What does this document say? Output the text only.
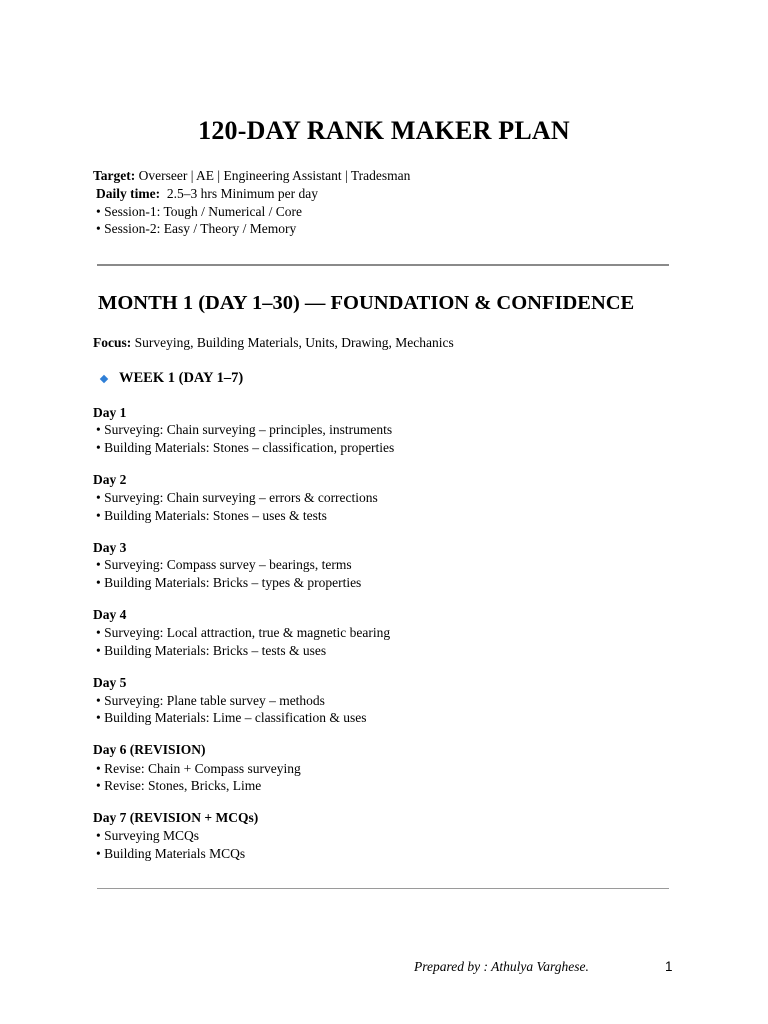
120-DAY RANK MAKER PLAN
Target: Overseer | AE | Engineering Assistant | Tradesman
Daily time:  2.5–3 hrs Minimum per day
• Session-1: Tough / Numerical / Core
• Session-2: Easy / Theory / Memory
MONTH 1 (DAY 1–30) — FOUNDATION & CONFIDENCE
Focus: Surveying, Building Materials, Units, Drawing, Mechanics
WEEK 1 (DAY 1–7)
Day 1
• Surveying: Chain surveying – principles, instruments
• Building Materials: Stones – classification, properties
Day 2
• Surveying: Chain surveying – errors & corrections
• Building Materials: Stones – uses & tests
Day 3
• Surveying: Compass survey – bearings, terms
• Building Materials: Bricks – types & properties
Day 4
• Surveying: Local attraction, true & magnetic bearing
• Building Materials: Bricks – tests & uses
Day 5
• Surveying: Plane table survey – methods
• Building Materials: Lime – classification & uses
Day 6 (REVISION)
• Revise: Chain + Compass surveying
• Revise: Stones, Bricks, Lime
Day 7 (REVISION + MCQs)
• Surveying MCQs
• Building Materials MCQs
Prepared by : Athulya Varghese.	1
